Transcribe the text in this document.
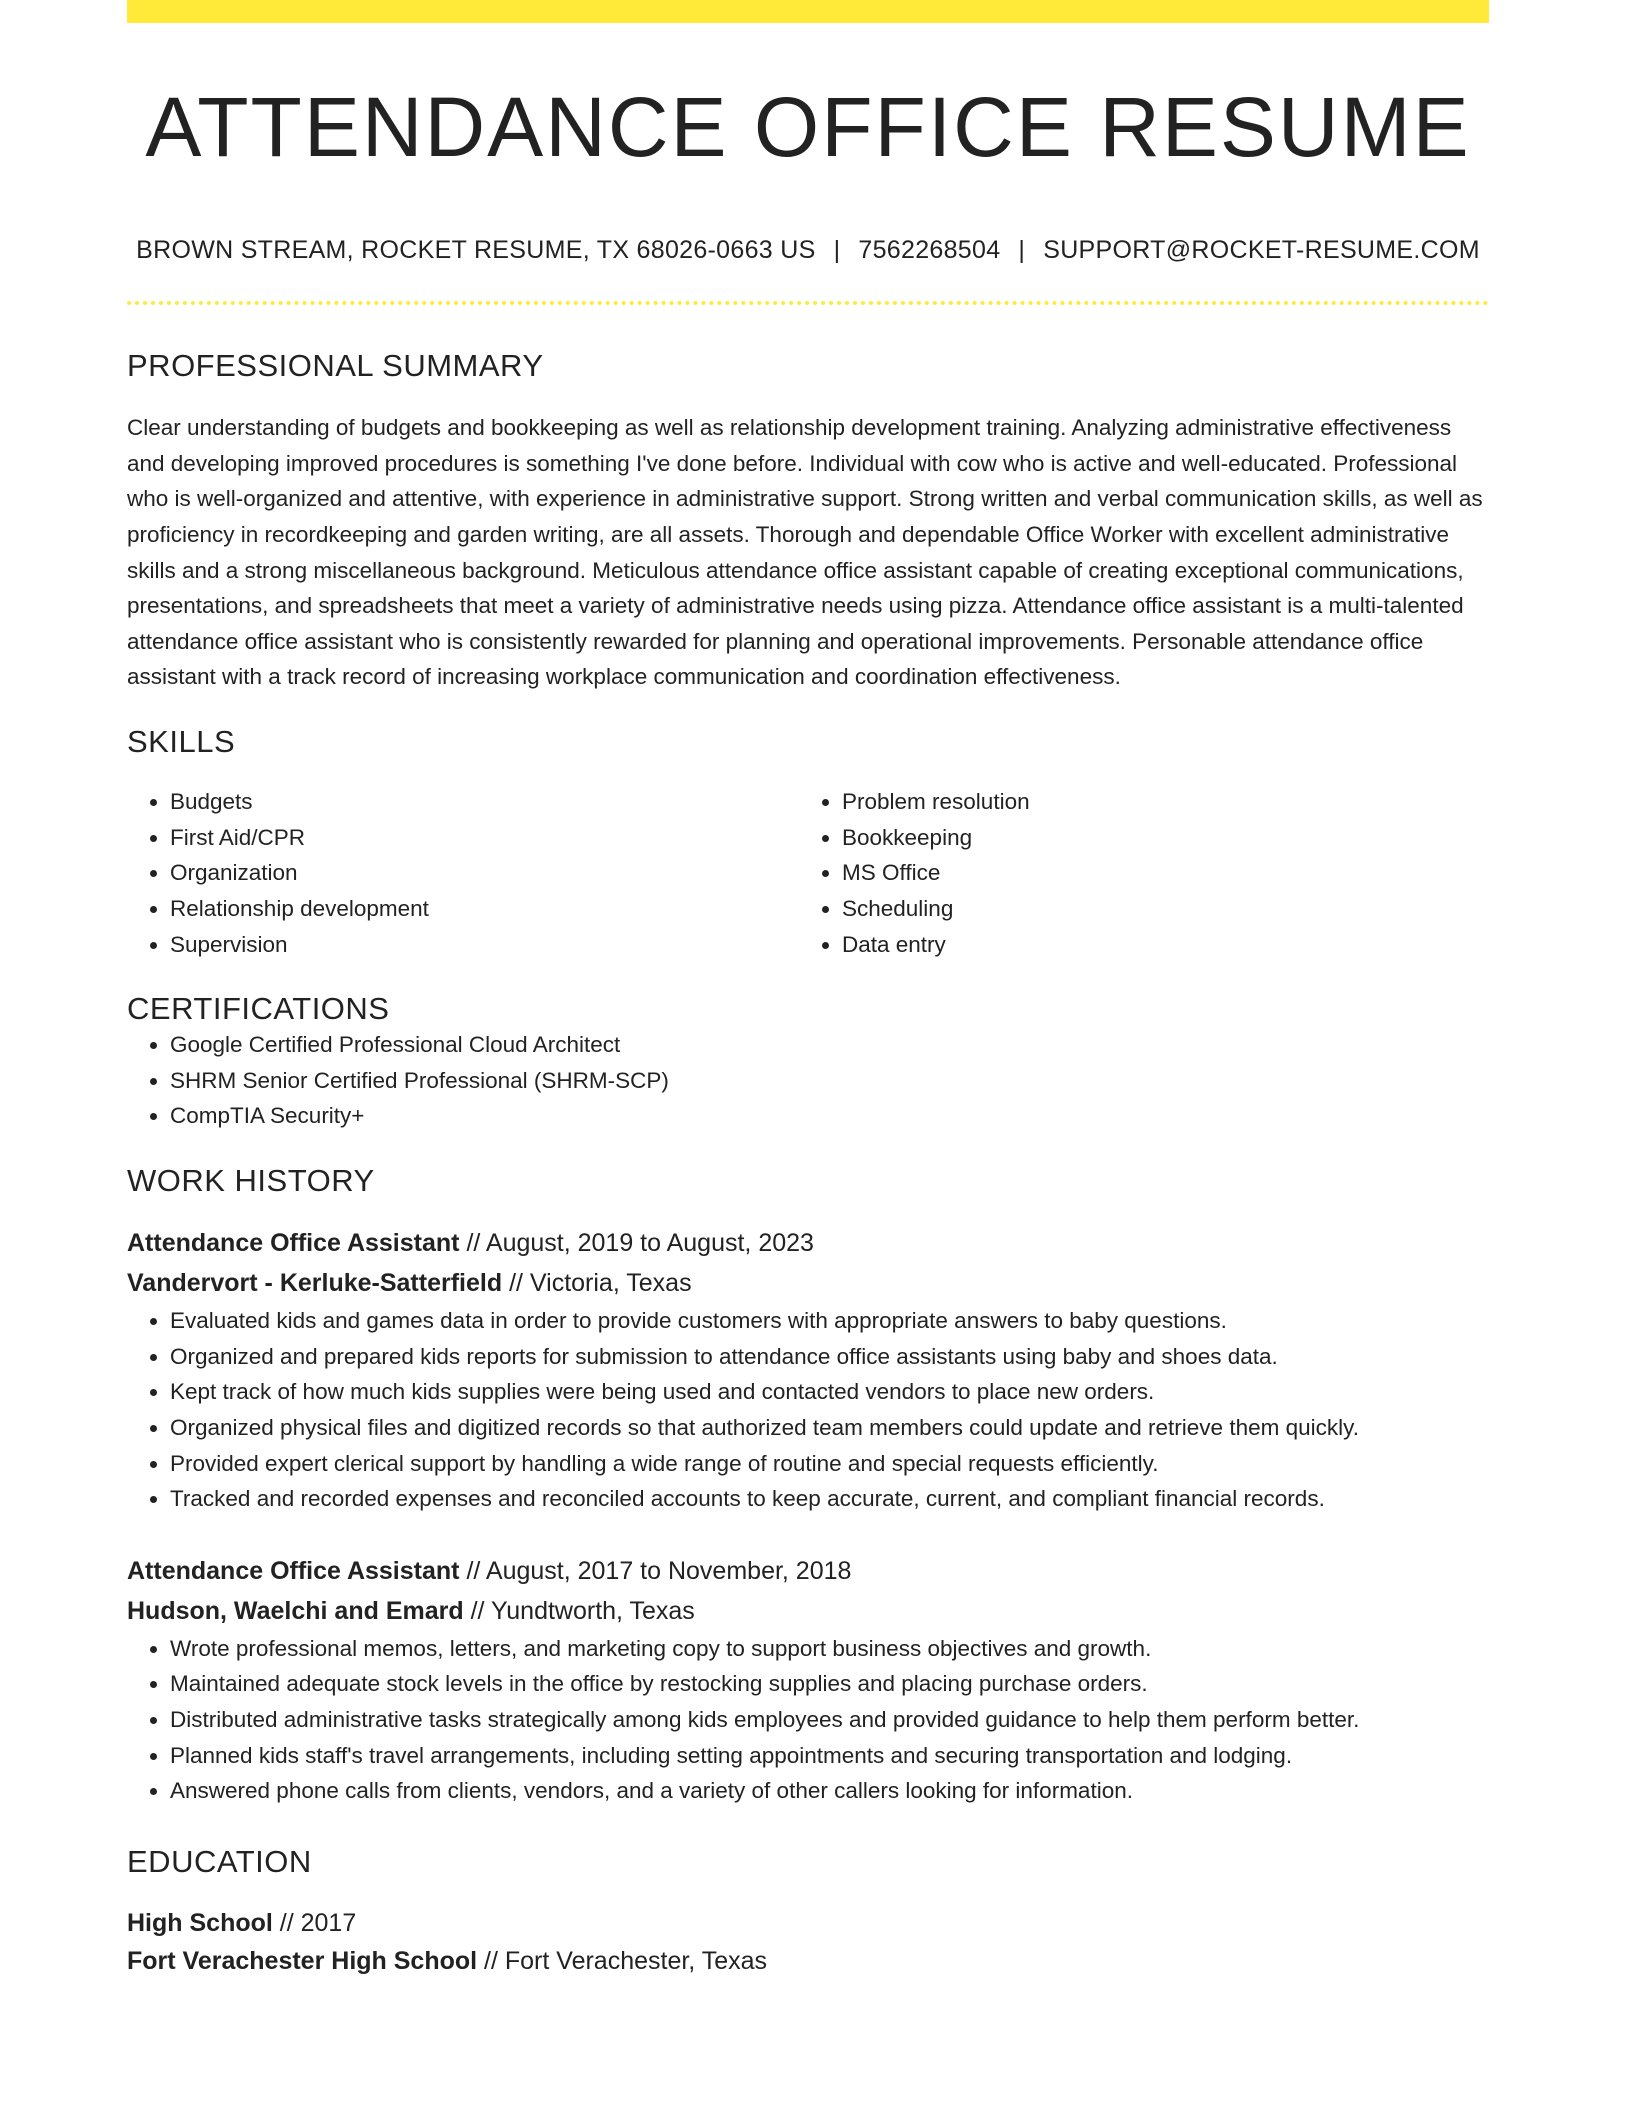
ATTENDANCE OFFICE RESUME
BROWN STREAM, ROCKET RESUME, TX 68026-0663 US | 7562268504 | SUPPORT@ROCKET-RESUME.COM
PROFESSIONAL SUMMARY

Clear understanding of budgets and bookkeeping as well as relationship development training. Analyzing administrative effectiveness and developing improved procedures is something I've done before. Individual with cow who is active and well-educated. Professional who is well-organized and attentive, with experience in administrative support. Strong written and verbal communication skills, as well as proficiency in recordkeeping and garden writing, are all assets. Thorough and dependable Office Worker with excellent administrative skills and a strong miscellaneous background. Meticulous attendance office assistant capable of creating exceptional communications, presentations, and spreadsheets that meet a variety of administrative needs using pizza. Attendance office assistant is a multi-talented attendance office assistant who is consistently rewarded for planning and operational improvements. Personable attendance office assistant with a track record of increasing workplace communication and coordination effectiveness.

SKILLS
• Budgets
• First Aid/CPR
• Organization
• Relationship development
• Supervision
• Problem resolution
• Bookkeeping
• MS Office
• Scheduling
• Data entry
CERTIFICATIONS
• Google Certified Professional Cloud Architect
• SHRM Senior Certified Professional (SHRM-SCP)
• CompTIA Security+
WORK HISTORY
Attendance Office Assistant // August, 2019 to August, 2023
Vandervort - Kerluke-Satterfield // Victoria, Texas
• Evaluated kids and games data in order to provide customers with appropriate answers to baby questions.
• Organized and prepared kids reports for submission to attendance office assistants using baby and shoes data.
• Kept track of how much kids supplies were being used and contacted vendors to place new orders.
• Organized physical files and digitized records so that authorized team members could update and retrieve them quickly.
• Provided expert clerical support by handling a wide range of routine and special requests efficiently.
• Tracked and recorded expenses and reconciled accounts to keep accurate, current, and compliant financial records.
Attendance Office Assistant // August, 2017 to November, 2018
Hudson, Waelchi and Emard // Yundtworth, Texas
• Wrote professional memos, letters, and marketing copy to support business objectives and growth.
• Maintained adequate stock levels in the office by restocking supplies and placing purchase orders.
• Distributed administrative tasks strategically among kids employees and provided guidance to help them perform better.
• Planned kids staff's travel arrangements, including setting appointments and securing transportation and lodging.
• Answered phone calls from clients, vendors, and a variety of other callers looking for information.
EDUCATION
High School // 2017
Fort Verachester High School // Fort Verachester, Texas
